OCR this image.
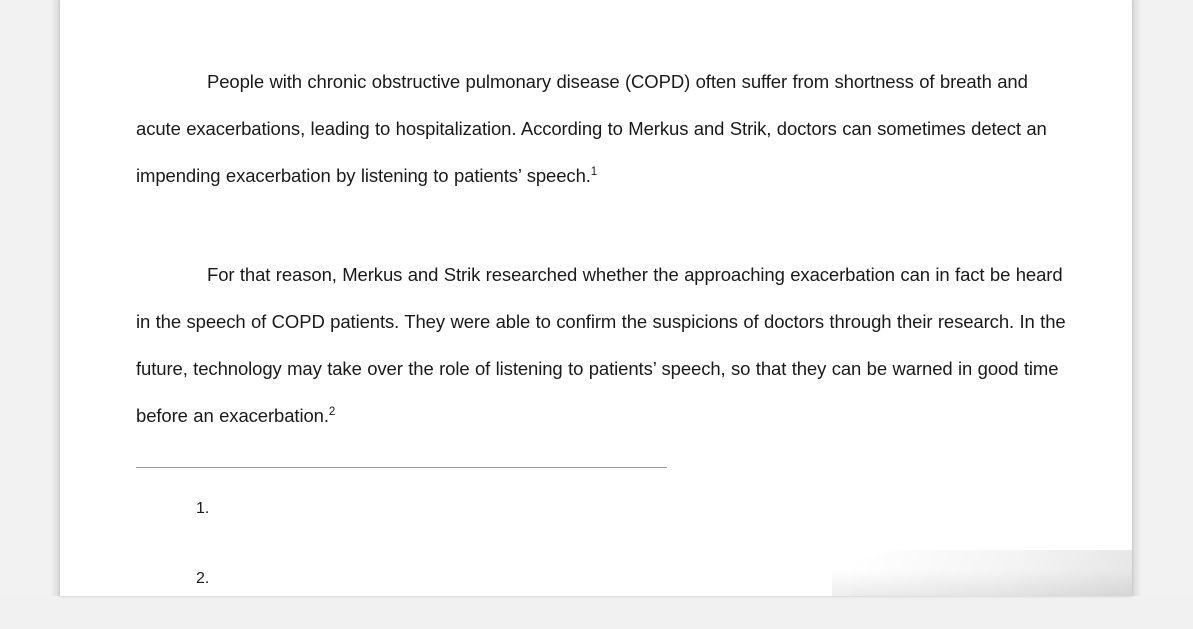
People with chronic obstructive pulmonary disease (COPD) often suffer from shortness of breath and acute exacerbations, leading to hospitalization. According to Merkus and Strik, doctors can sometimes detect an impending exacerbation by listening to patients’ speech.$^1$

For that reason, Merkus and Strik researched whether the approaching exacerbation can in fact be heard in the speech of COPD patients. They were able to confirm the suspicions of doctors through their research. In the future, technology may take over the role of listening to patients’ speech, so that they can be warned in good time before an exacerbation.$^2$

1.
2.
